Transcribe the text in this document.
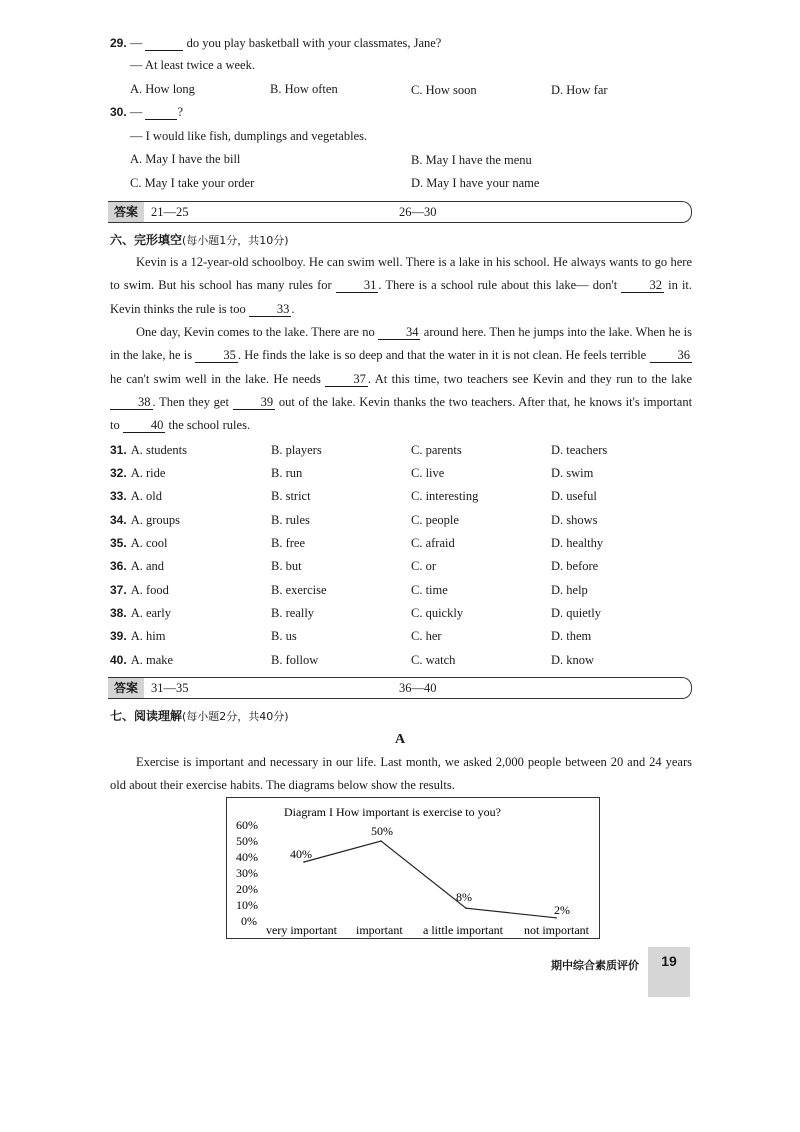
29. —	do you play basketball with your classmates, Jane?
— At least twice a week.
A. How long	B. How often	C. How soon	D. How far
30. —	?
— I would like fish, dumplings and vegetables.
A. May I have the bill	B. May I have the menu
C. May I take your order	D. May I have your name
答案	21—25	26—30
六、完形填空(每小题1分，共10分)

Kevin is a 12-year-old schoolboy. He can swim well. There is a lake in his school. He always wants to go here to swim. But his school has many rules for	31 . There is a school rule about this lake— don't	32 in it. Kevin thinks the rule is too 33 .

One day, Kevin comes to the lake. There are no	34 around here. Then he jumps into the lake. When he is in the lake, he is	35 . He finds the lake is so deep and that the water in it is not clean. He feels terrible	36 he can't swim well in the lake. He needs	37 . At this time, two teachers see Kevin and they run to the lake 38 . Then they get	39 out of the lake. Kevin thanks the two teachers. After that, he knows it's important to 40 the school rules.

31. A. students	B. players	C. parents	D. teachers
32. A. ride	B. run	C. live	D. swim
33. A. old	B. strict	C. interesting	D. useful
34. A. groups	B. rules	C. people	D. shows
35. A. cool	B. free	C. afraid	D. healthy
36. A. and	B. but	C. or	D. before
37. A. food	B. exercise	C. time	D. help
38. A. early	B. really	C. quickly	D. quietly
39. A. him	B. us	C. her	D. them
40. A. make	B. follow	C. watch	D. know
答案	31—35	36—40
七、阅读理解(每小题2分，共40分)
A

Exercise is important and necessary in our life. Last month, we asked 2,000 people between 20 and 24 years old about their exercise habits. The diagrams below show the results.

Diagram I How important is exercise to you?
60%
50%
40%
30%
20%
10%
0%
very important important a little important not important
40%
50%
8%
2%
期中综合素质评价	19
